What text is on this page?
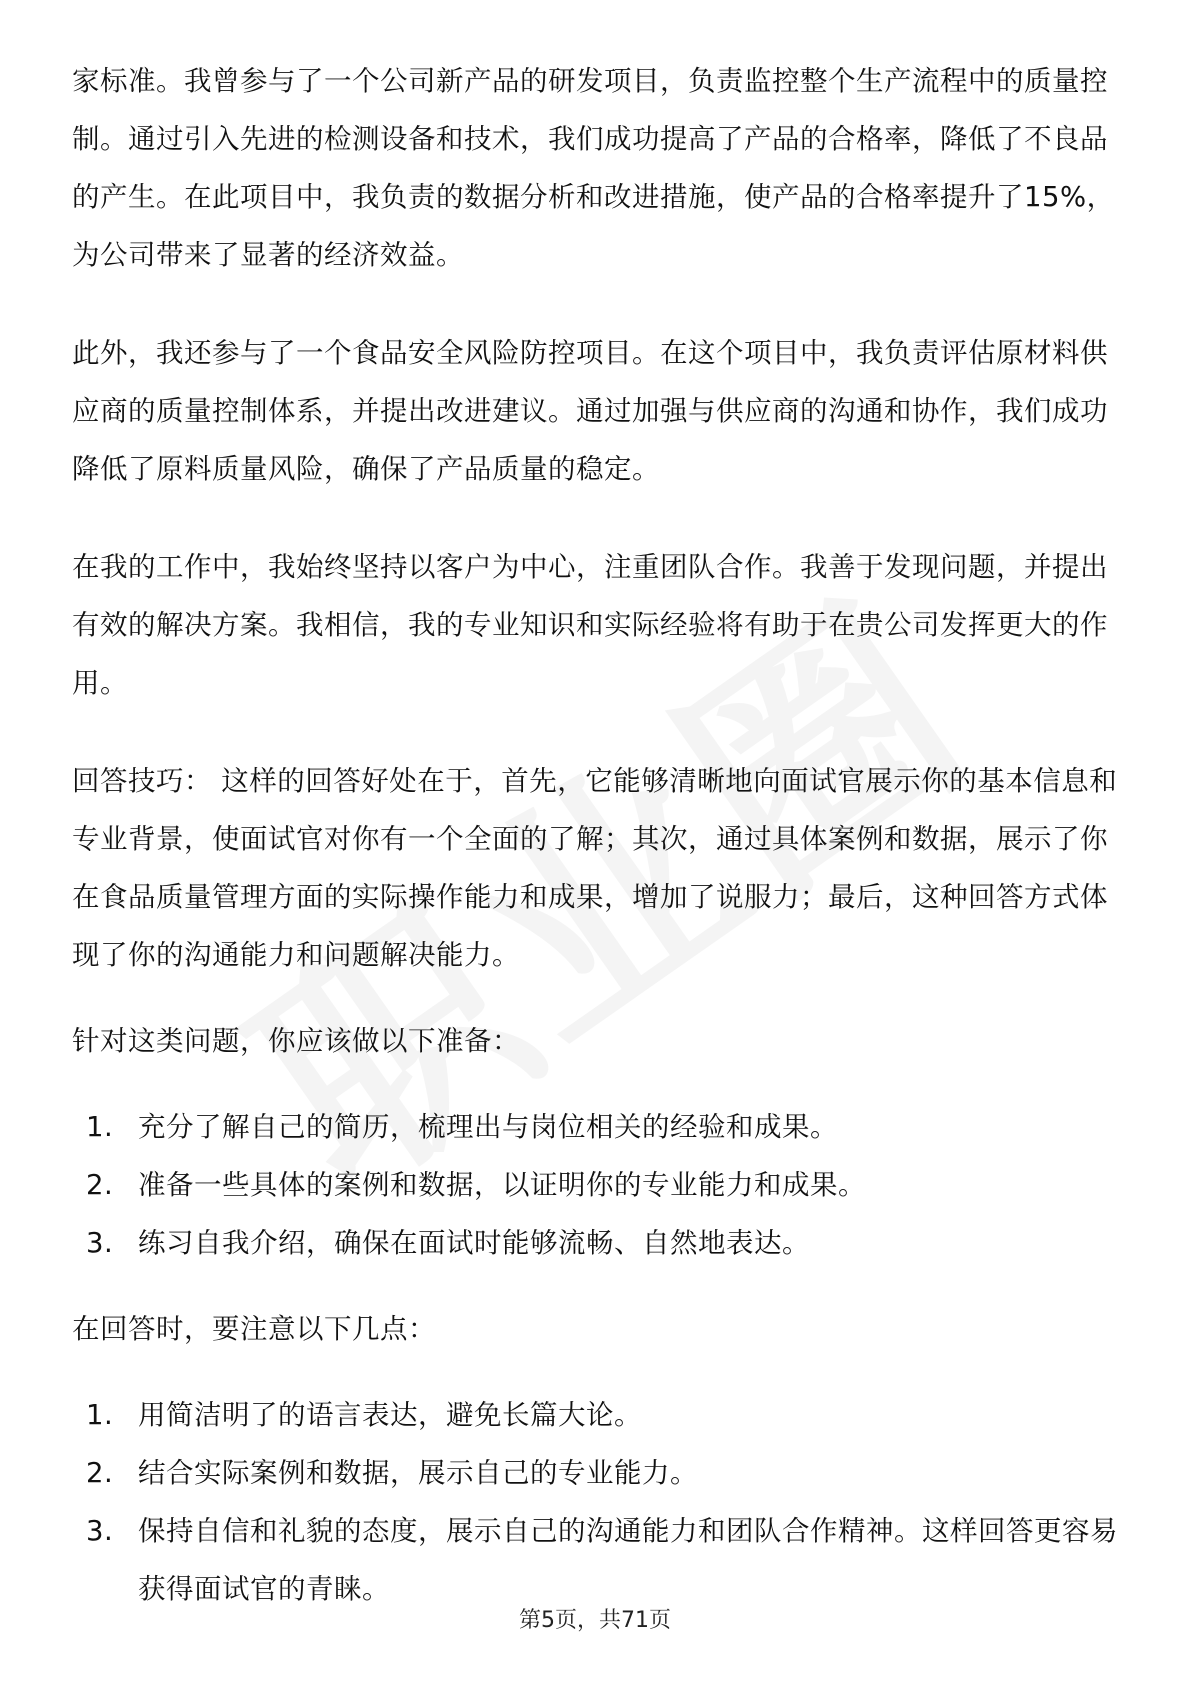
家标准。我曾参与了一个公司新产品的研发项目，负责监控整个生产流程中的质量控制。通过引入先进的检测设备和技术，我们成功提高了产品的合格率，降低了不良品的产生。在此项目中，我负责的数据分析和改进措施，使产品的合格率提升了15%，为公司带来了显著的经济效益。

此外，我还参与了一个食品安全风险防控项目。在这个项目中，我负责评估原材料供应商的质量控制体系，并提出改进建议。通过加强与供应商的沟通和协作，我们成功降低了原料质量风险，确保了产品质量的稳定。

在我的工作中，我始终坚持以客户为中心，注重团队合作。我善于发现问题，并提出有效的解决方案。我相信，我的专业知识和实际经验将有助于在贵公司发挥更大的作用。

回答技巧： 这样的回答好处在于，首先，它能够清晰地向面试官展示你的基本信息和专业背景，使面试官对你有一个全面的了解；其次，通过具体案例和数据，展示了你在食品质量管理方面的实际操作能力和成果，增加了说服力；最后，这种回答方式体现了你的沟通能力和问题解决能力。

针对这类问题，你应该做以下准备：

1. 充分了解自己的简历，梳理出与岗位相关的经验和成果。
2. 准备一些具体的案例和数据，以证明你的专业能力和成果。
3. 练习自我介绍，确保在面试时能够流畅、自然地表达。

在回答时，要注意以下几点：

1. 用简洁明了的语言表达，避免长篇大论。
2. 结合实际案例和数据，展示自己的专业能力。
3. 保持自信和礼貌的态度，展示自己的沟通能力和团队合作精神。这样回答更容易获得面试官的青睐。
第5页，共71页
